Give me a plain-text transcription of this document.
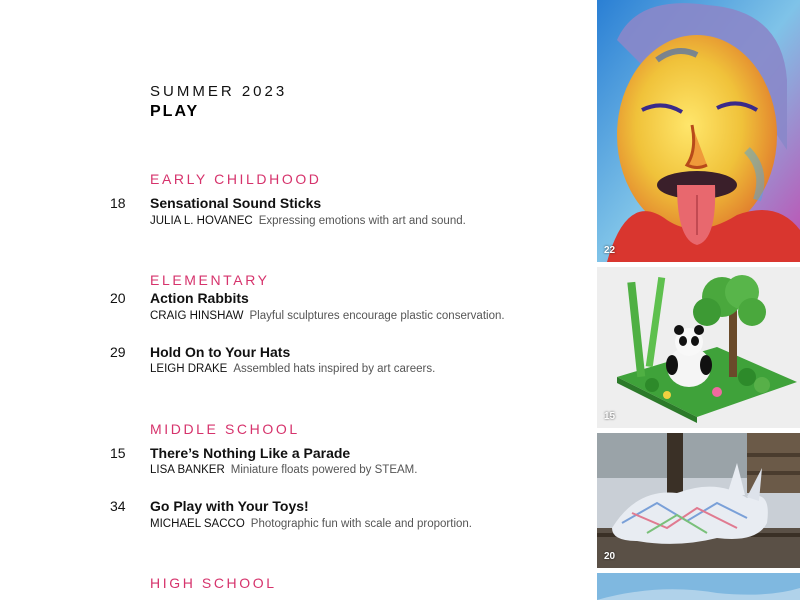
SUMMER 2023
PLAY
EARLY CHILDHOOD
18 Sensational Sound Sticks
JULIA L. HOVANEC Expressing emotions with art and sound.
ELEMENTARY
20 Action Rabbits
CRAIG HINSHAW Playful sculptures encourage plastic conservation.
29 Hold On to Your Hats
LEIGH DRAKE Assembled hats inspired by art careers.
MIDDLE SCHOOL
15 There’s Nothing Like a Parade
LISA BANKER Miniature floats powered by STEAM.
34 Go Play with Your Toys!
MICHAEL SACCO Photographic fun with scale and proportion.
HIGH SCHOOL
22
15
20
